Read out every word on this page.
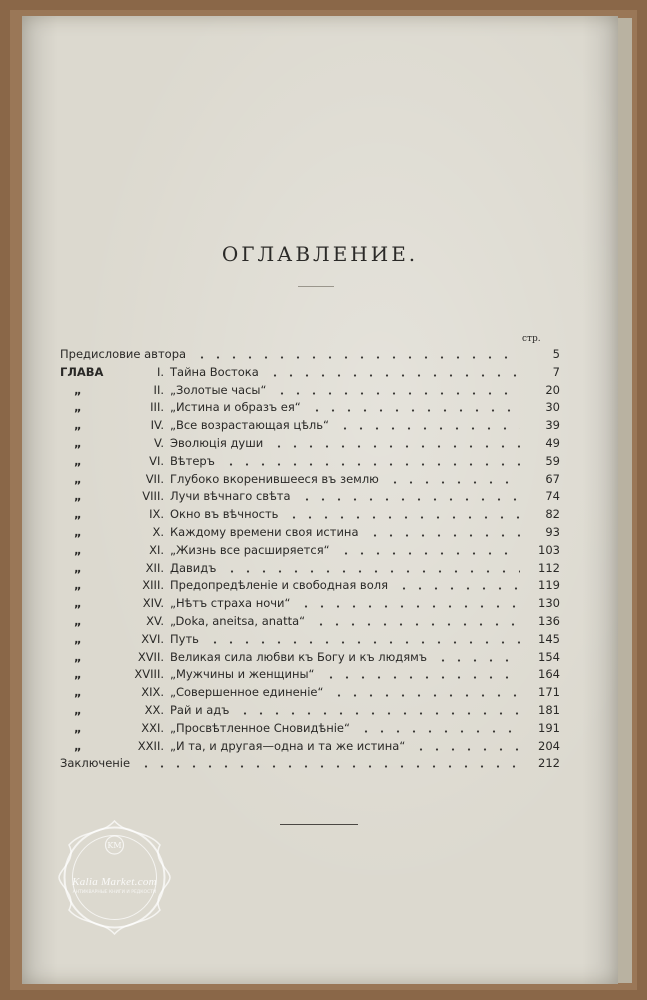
ОГЛАВЛЕНИЕ.
стр.
Предисловие автора	5
ГЛАВА	I. Тайна Востока	7
„	II. „Золотые часы“	20
„	III. „Истина и образъ ея“	30
„	IV. „Все возрастающая цѣль“	39
„	V. Эволюція души	49
„	VI. Вѣтеръ	59
„	VII. Глубоко вкоренившееся въ землю	67
„	VIII. Лучи вѣчнаго свѣта	74
„	IX. Окно въ вѣчность	82
„	X. Каждому времени своя истина	93
„	XI. „Жизнь все расширяется“	103
„	XII. Давидъ	112
„	XIII. Предопредѣленіе и свободная воля	119
„	XIV. „Нѣтъ страха ночи“	130
„	XV. „Doka, aneitsa, anatta“	136
„	XVI. Путь	145
„	XVII. Великая сила любви къ Богу и къ людямъ	154
„	XVIII. „Мужчины и женщины“	164
„	XIX. „Совершенное единеніе“	171
„	XX. Рай и адъ	181
„	XXI. „Просвѣтленное Сновидѣніе“	191
„	XXII. „И та, и другая—одна и та же истина“	204
Заключеніе	212
KM
Kalia Market.com
АНТИКВАРНЫЕ КНИГИ И РЕДКОСТИ
